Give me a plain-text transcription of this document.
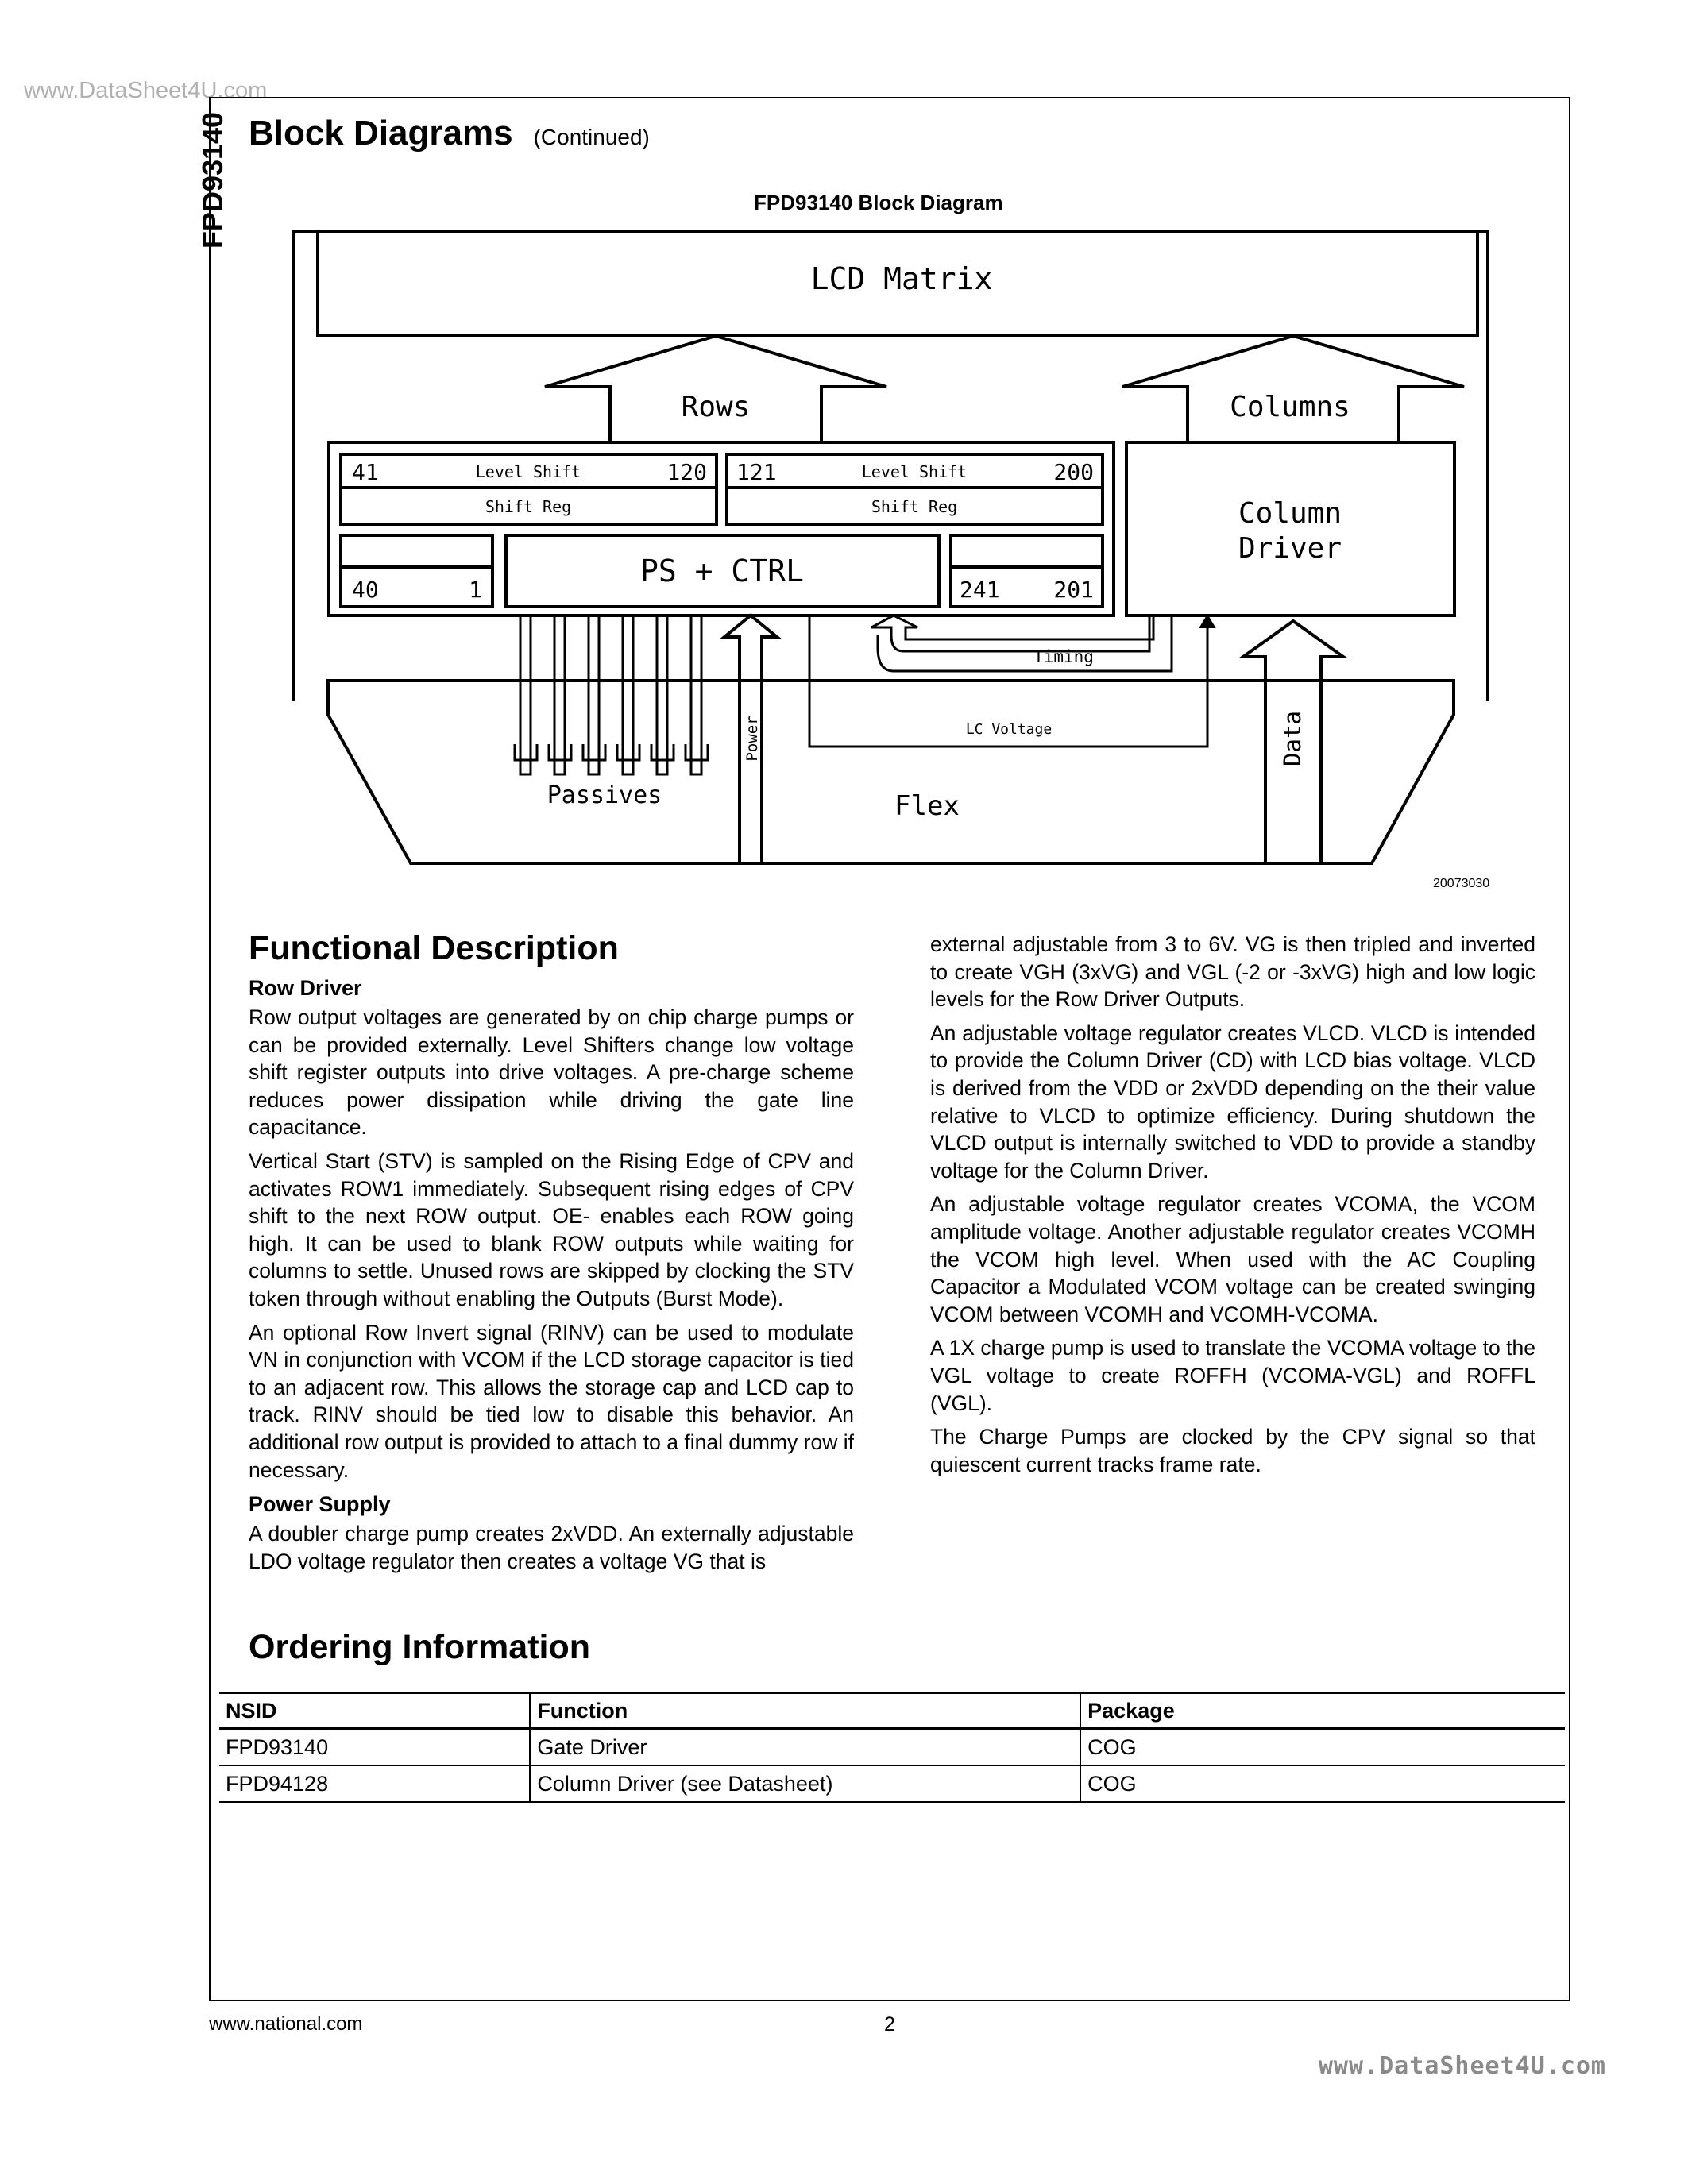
www.DataSheet4U.com
FPD93140 Block Diagrams (Continued)
FPD93140 Block Diagram
LCD Matrix
Rows	Columns
41	Level Shift	120
Shift Reg
121	Level Shift	200
Shift Reg
40	1
PS + CTRL
241 201
Column
Driver
Timing
LC Voltage
Power	Data
Passives	Flex
20073030
Functional Description
Row Driver

Row output voltages are generated by on chip charge pumps or can be provided externally. Level Shifters change low voltage shift register outputs into drive voltages. A pre-charge scheme reduces power dissipation while driving the gate line capacitance.

Vertical Start (STV) is sampled on the Rising Edge of CPV and activates ROW1 immediately. Subsequent rising edges of CPV shift to the next ROW output. OE- enables each ROW going high. It can be used to blank ROW outputs while waiting for columns to settle. Unused rows are skipped by clocking the STV token through without enabling the Outputs (Burst Mode).

An optional Row Invert signal (RINV) can be used to modulate VN in conjunction with VCOM if the LCD storage capacitor is tied to an adjacent row. This allows the storage cap and LCD cap to track. RINV should be tied low to disable this behavior. An additional row output is provided to attach to a final dummy row if necessary.

Power Supply

A doubler charge pump creates 2xVDD. An externally adjustable LDO voltage regulator then creates a voltage VG that is

external adjustable from 3 to 6V. VG is then tripled and inverted to create VGH (3xVG) and VGL (-2 or -3xVG) high and low logic levels for the Row Driver Outputs.

An adjustable voltage regulator creates VLCD. VLCD is intended to provide the Column Driver (CD) with LCD bias voltage. VLCD is derived from the VDD or 2xVDD depending on the their value relative to VLCD to optimize efficiency. During shutdown the VLCD output is internally switched to VDD to provide a standby voltage for the Column Driver.

An adjustable voltage regulator creates VCOMA, the VCOM amplitude voltage. Another adjustable regulator creates VCOMH the VCOM high level. When used with the AC Coupling Capacitor a Modulated VCOM voltage can be created swinging VCOM between VCOMH and VCOMH-VCOMA.

A 1X charge pump is used to translate the VCOMA voltage to the VGL voltage to create ROFFH (VCOMA-VGL) and ROFFL (VGL).

The Charge Pumps are clocked by the CPV signal so that quiescent current tracks frame rate.

Ordering Information
NSID	Function	Package
FPD93140	Gate Driver	COG
FPD94128	Column Driver (see Datasheet)	COG
www.national.com	2
www.DataSheet4U.com
